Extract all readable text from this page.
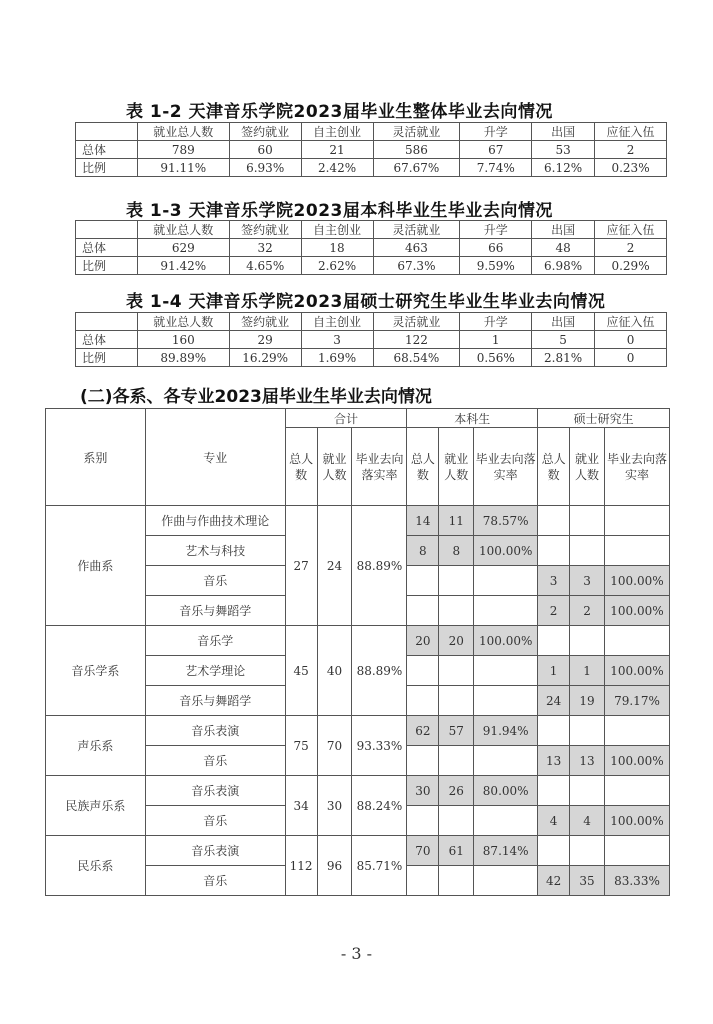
表 1-2 天津音乐学院2023届毕业生整体毕业去向情况
	就业总人数	签约就业	自主创业	灵活就业	升学	出国	应征入伍
总体	789	60	21	586	67	53	2
比例	91.11%	6.93%	2.42%	67.67%	7.74%	6.12%	0.23%
表 1-3 天津音乐学院2023届本科毕业生毕业去向情况
	就业总人数	签约就业	自主创业	灵活就业	升学	出国	应征入伍
总体	629	32	18	463	66	48	2
比例	91.42%	4.65%	2.62%	67.3%	9.59%	6.98%	0.29%
表 1-4 天津音乐学院2023届硕士研究生毕业生毕业去向情况
	就业总人数	签约就业	自主创业	灵活就业	升学	出国	应征入伍
总体	160	29	3	122	1	5	0
比例	89.89%	16.29%	1.69%	68.54%	0.56%	2.81%	0
(二)各系、各专业2023届毕业生毕业去向情况
系别	专业	合计			本科生			硕士研究生		
		总人数	就业人数	毕业去向落实率	总人数	就业人数	毕业去向落实率	总人数	就业人数	毕业去向落实率
作曲系	作曲与作曲技术理论	27	24	88.89%	14	11	78.57%			
	艺术与科技				8	8	100.00%			
	音乐							3	3	100.00%
	音乐与舞蹈学							2	2	100.00%
音乐学系	音乐学	45	40	88.89%	20	20	100.00%			
	艺术学理论							1	1	100.00%
	音乐与舞蹈学							24	19	79.17%
声乐系	音乐表演	75	70	93.33%	62	57	91.94%			
	音乐							13	13	100.00%
民族声乐系	音乐表演	34	30	88.24%	30	26	80.00%			
	音乐							4	4	100.00%
民乐系	音乐表演	112	96	85.71%	70	61	87.14%			
	音乐							42	35	83.33%
- 3 -
